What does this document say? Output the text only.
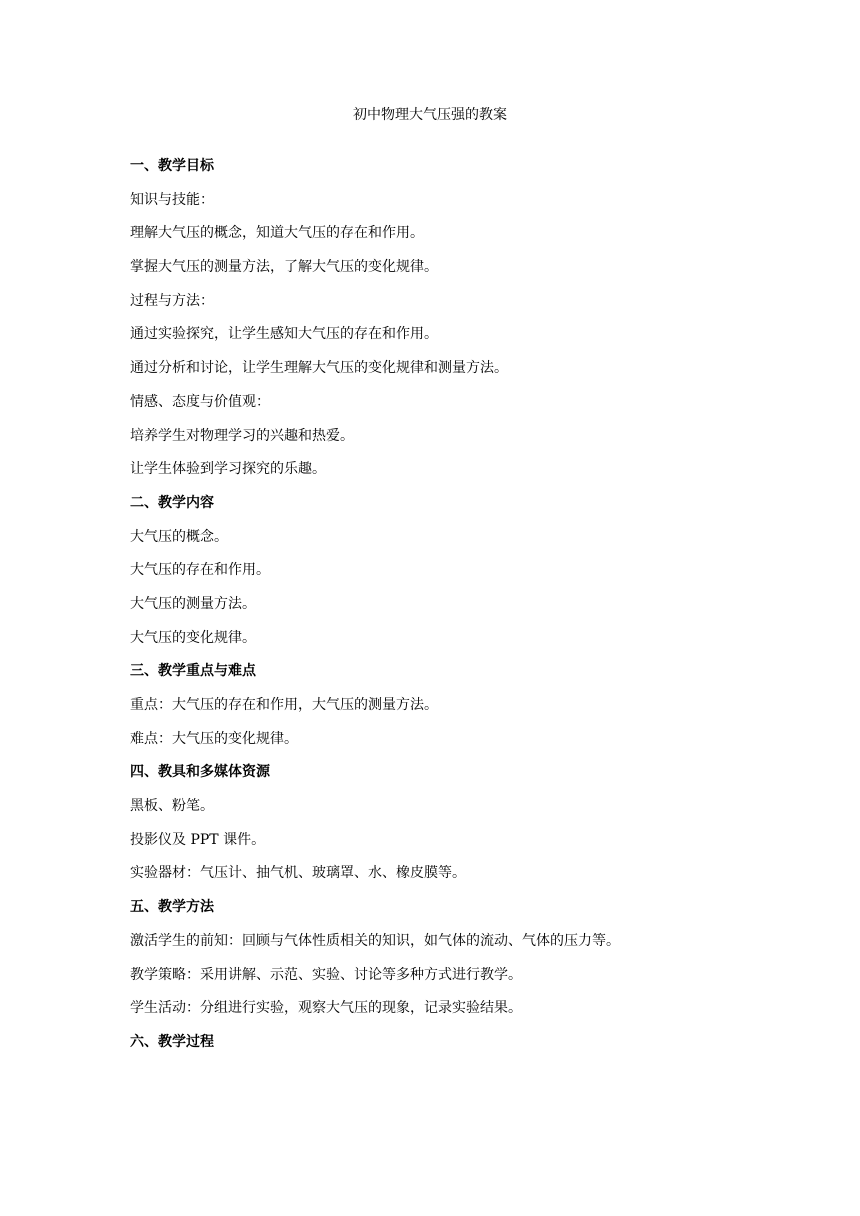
初中物理大气压强的教案
一、教学目标
知识与技能：
理解大气压的概念，知道大气压的存在和作用。
掌握大气压的测量方法，了解大气压的变化规律。
过程与方法：
通过实验探究，让学生感知大气压的存在和作用。
通过分析和讨论，让学生理解大气压的变化规律和测量方法。
情感、态度与价值观：
培养学生对物理学习的兴趣和热爱。
让学生体验到学习探究的乐趣。
二、教学内容
大气压的概念。
大气压的存在和作用。
大气压的测量方法。
大气压的变化规律。
三、教学重点与难点
重点：大气压的存在和作用，大气压的测量方法。
难点：大气压的变化规律。
四、教具和多媒体资源
黑板、粉笔。
投影仪及 PPT 课件。
实验器材：气压计、抽气机、玻璃罩、水、橡皮膜等。
五、教学方法
激活学生的前知：回顾与气体性质相关的知识，如气体的流动、气体的压力等。
教学策略：采用讲解、示范、实验、讨论等多种方式进行教学。
学生活动：分组进行实验，观察大气压的现象，记录实验结果。
六、教学过程
